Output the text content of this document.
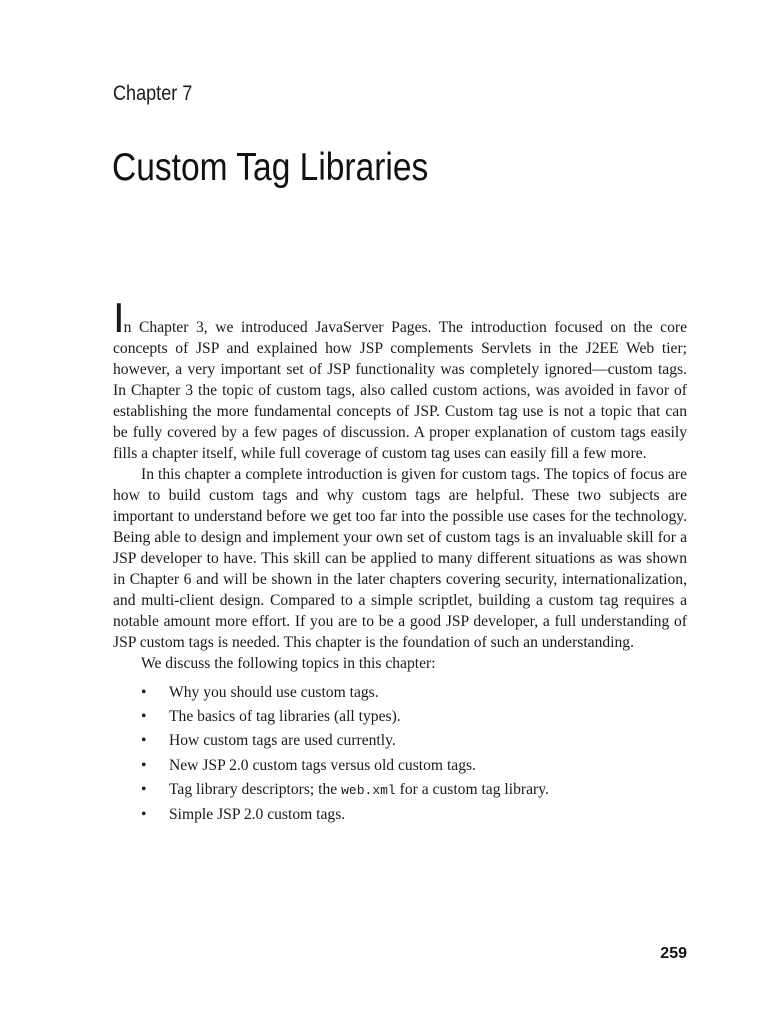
Chapter 7
Custom Tag Libraries

In Chapter 3, we introduced JavaServer Pages. The introduction focused on the core concepts of JSP and explained how JSP complements Servlets in the J2EE Web tier; however, a very important set of JSP functionality was completely ignored—custom tags. In Chapter 3 the topic of custom tags, also called custom actions, was avoided in favor of establishing the more fundamental concepts of JSP. Custom tag use is not a topic that can be fully covered by a few pages of discussion. A proper explanation of custom tags easily fills a chapter itself, while full coverage of custom tag uses can easily fill a few more.

In this chapter a complete introduction is given for custom tags. The topics of focus are how to build custom tags and why custom tags are helpful. These two subjects are important to understand before we get too far into the possible use cases for the technology. Being able to design and implement your own set of custom tags is an invaluable skill for a JSP developer to have. This skill can be applied to many different situations as was shown in Chapter 6 and will be shown in the later chapters covering security, internationalization, and multi-client design. Compared to a simple scriptlet, building a custom tag requires a notable amount more effort. If you are to be a good JSP developer, a full understanding of JSP custom tags is needed. This chapter is the foundation of such an understanding.

We discuss the following topics in this chapter:

• Why you should use custom tags.
• The basics of tag libraries (all types).
• How custom tags are used currently.
• New JSP 2.0 custom tags versus old custom tags.
• Tag library descriptors; the web.xml for a custom tag library.
• Simple JSP 2.0 custom tags.
259
